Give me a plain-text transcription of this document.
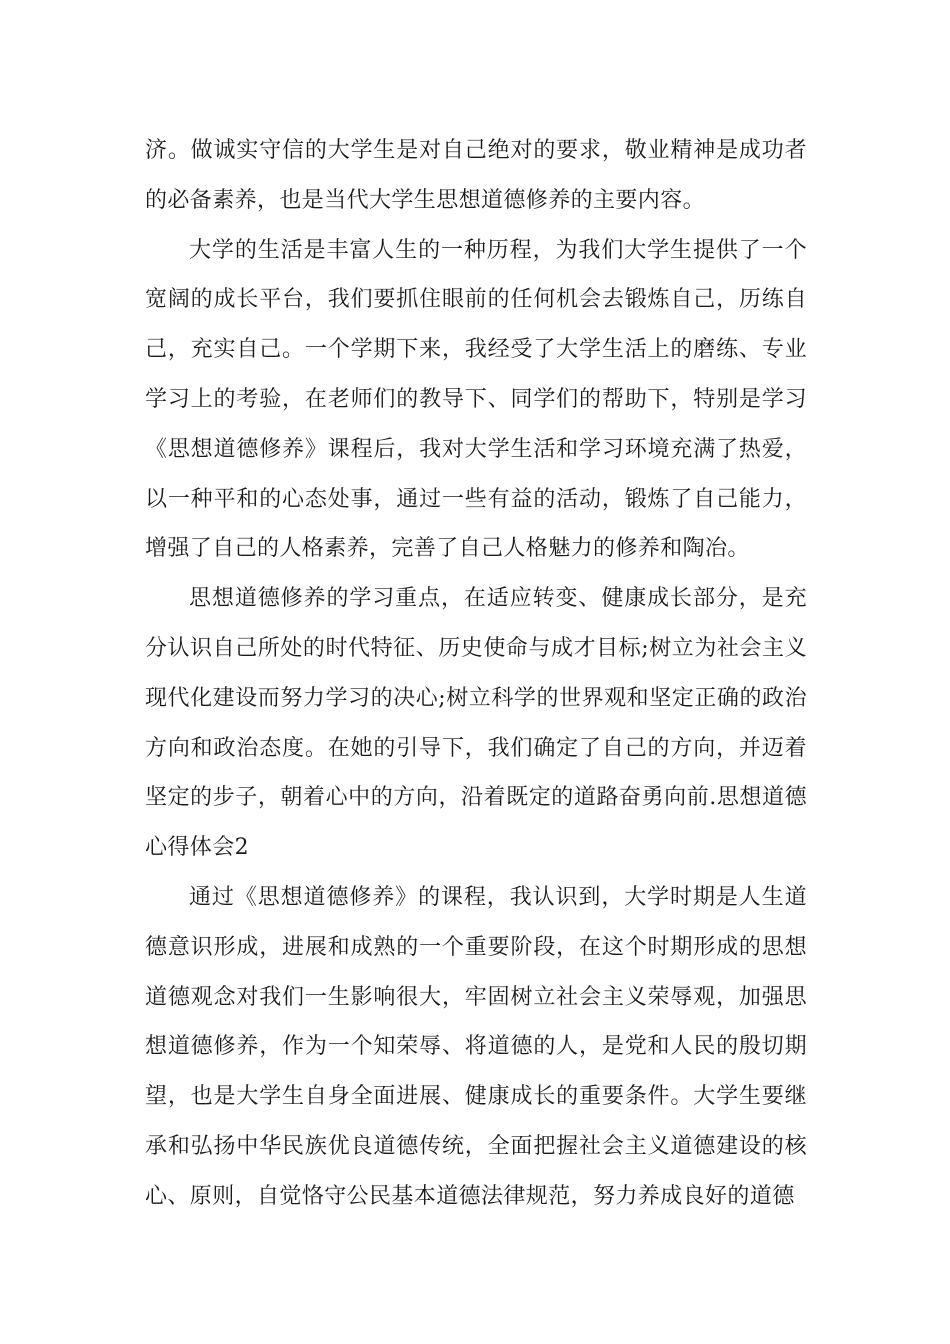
济。做诚实守信的大学生是对自己绝对的要求，敬业精神是成功者的必备素养，也是当代大学生思想道德修养的主要内容。

大学的生活是丰富人生的一种历程，为我们大学生提供了一个宽阔的成长平台，我们要抓住眼前的任何机会去锻炼自己，历练自己，充实自己。一个学期下来，我经受了大学生活上的磨练、专业学习上的考验，在老师们的教导下、同学们的帮助下，特别是学习《思想道德修养》课程后，我对大学生活和学习环境充满了热爱，以一种平和的心态处事，通过一些有益的活动，锻炼了自己能力，增强了自己的人格素养，完善了自己人格魅力的修养和陶冶。

思想道德修养的学习重点，在适应转变、健康成长部分，是充分认识自己所处的时代特征、历史使命与成才目标;树立为社会主义现代化建设而努力学习的决心;树立科学的世界观和坚定正确的政治方向和政治态度。在她的引导下，我们确定了自己的方向，并迈着坚定的步子，朝着心中的方向，沿着既定的道路奋勇向前.思想道德心得体会2

通过《思想道德修养》的课程，我认识到，大学时期是人生道德意识形成，进展和成熟的一个重要阶段，在这个时期形成的思想道德观念对我们一生影响很大，牢固树立社会主义荣辱观，加强思想道德修养，作为一个知荣辱、将道德的人，是党和人民的殷切期望，也是大学生自身全面进展、健康成长的重要条件。大学生要继承和弘扬中华民族优良道德传统，全面把握社会主义道德建设的核心、原则，自觉恪守公民基本道德法律规范，努力养成良好的道德
